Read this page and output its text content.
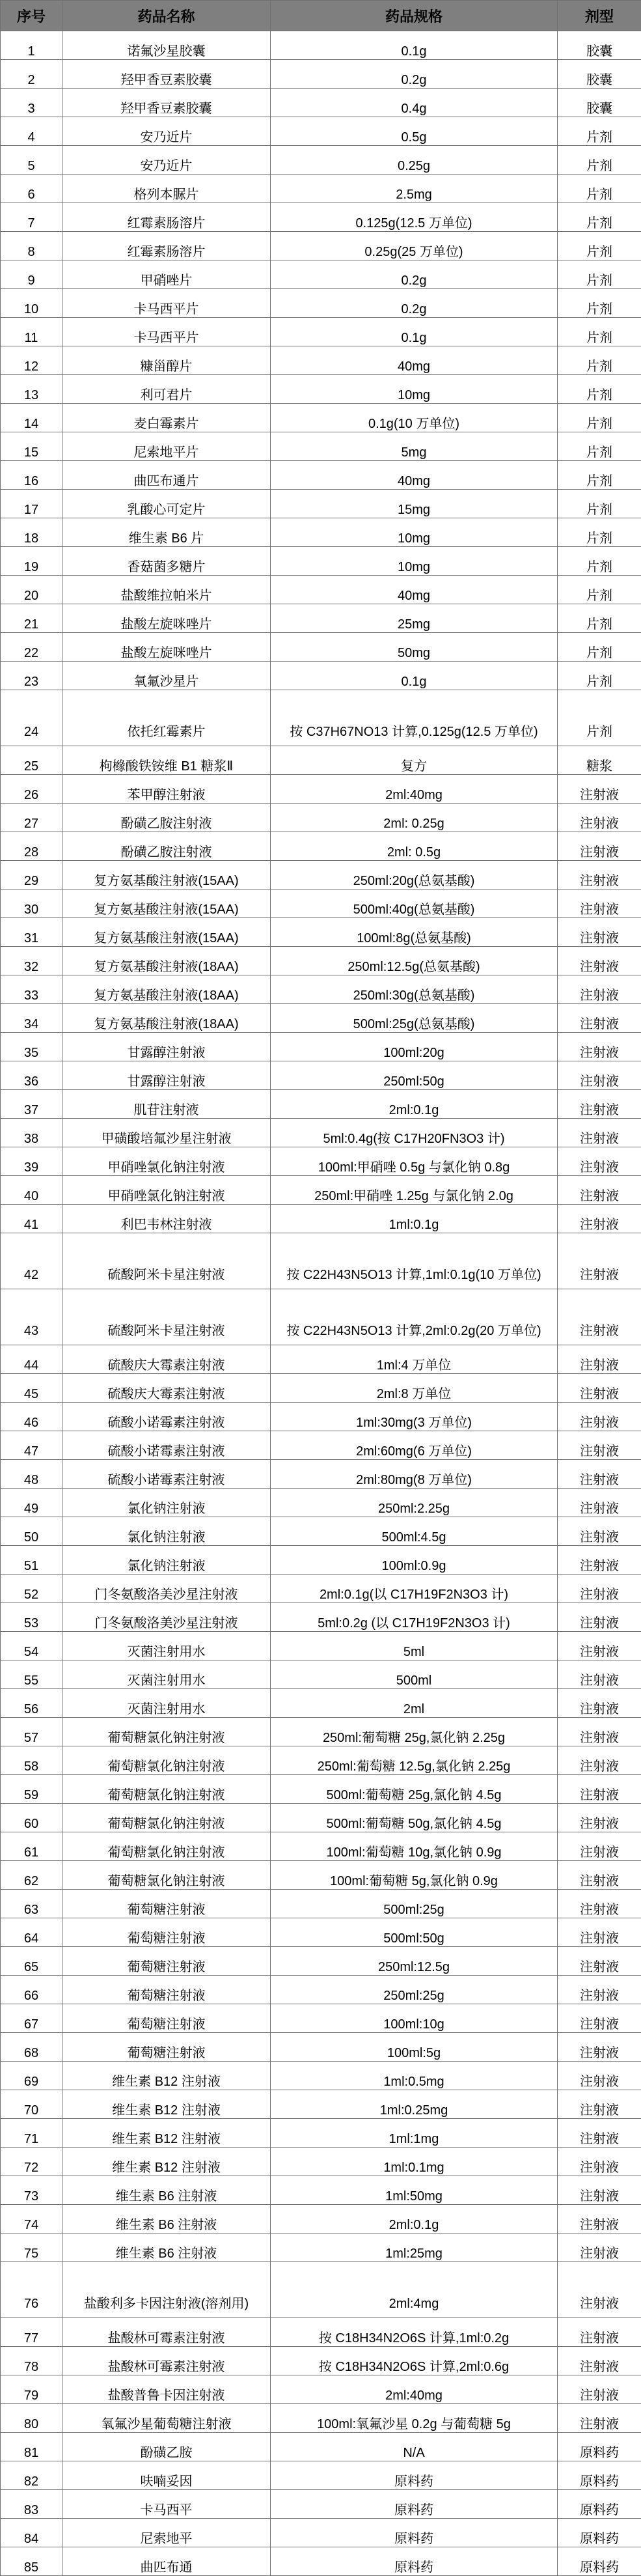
序号	药品名称	药品规格	剂型
1	诺氟沙星胶囊	0.1g	胶囊
2	羟甲香豆素胶囊	0.2g	胶囊
3	羟甲香豆素胶囊	0.4g	胶囊
4	安乃近片	0.5g	片剂
5	安乃近片	0.25g	片剂
6	格列本脲片	2.5mg	片剂
7	红霉素肠溶片	0.125g(12.5 万单位)	片剂
8	红霉素肠溶片	0.25g(25 万单位)	片剂
9	甲硝唑片	0.2g	片剂
10	卡马西平片	0.2g	片剂
11	卡马西平片	0.1g	片剂
12	糠甾醇片	40mg	片剂
13	利可君片	10mg	片剂
14	麦白霉素片	0.1g(10 万单位)	片剂
15	尼索地平片	5mg	片剂
16	曲匹布通片	40mg	片剂
17	乳酸心可定片	15mg	片剂
18	维生素 B6 片	10mg	片剂
19	香菇菌多糖片	10mg	片剂
20	盐酸维拉帕米片	40mg	片剂
21	盐酸左旋咪唑片	25mg	片剂
22	盐酸左旋咪唑片	50mg	片剂
23	氧氟沙星片	0.1g	片剂
24	依托红霉素片	按 C37H67NO13 计算,0.125g(12.5 万单位)	片剂
25	枸橼酸铁铵维 B1 糖浆Ⅱ	复方	糖浆
26	苯甲醇注射液	2ml:40mg	注射液
27	酚磺乙胺注射液	2ml: 0.25g	注射液
28	酚磺乙胺注射液	2ml: 0.5g	注射液
29	复方氨基酸注射液(15AA)	250ml:20g(总氨基酸)	注射液
30	复方氨基酸注射液(15AA)	500ml:40g(总氨基酸)	注射液
31	复方氨基酸注射液(15AA)	100ml:8g(总氨基酸)	注射液
32	复方氨基酸注射液(18AA)	250ml:12.5g(总氨基酸)	注射液
33	复方氨基酸注射液(18AA)	250ml:30g(总氨基酸)	注射液
34	复方氨基酸注射液(18AA)	500ml:25g(总氨基酸)	注射液
35	甘露醇注射液	100ml:20g	注射液
36	甘露醇注射液	250ml:50g	注射液
37	肌苷注射液	2ml:0.1g	注射液
38	甲磺酸培氟沙星注射液	5ml:0.4g(按 C17H20FN3O3 计)	注射液
39	甲硝唑氯化钠注射液	100ml:甲硝唑 0.5g 与氯化钠 0.8g	注射液
40	甲硝唑氯化钠注射液	250ml:甲硝唑 1.25g 与氯化钠 2.0g	注射液
41	利巴韦林注射液	1ml:0.1g	注射液
42	硫酸阿米卡星注射液	按 C22H43N5O13 计算,1ml:0.1g(10 万单位)	注射液
43	硫酸阿米卡星注射液	按 C22H43N5O13 计算,2ml:0.2g(20 万单位)	注射液
44	硫酸庆大霉素注射液	1ml:4 万单位	注射液
45	硫酸庆大霉素注射液	2ml:8 万单位	注射液
46	硫酸小诺霉素注射液	1ml:30mg(3 万单位)	注射液
47	硫酸小诺霉素注射液	2ml:60mg(6 万单位)	注射液
48	硫酸小诺霉素注射液	2ml:80mg(8 万单位)	注射液
49	氯化钠注射液	250ml:2.25g	注射液
50	氯化钠注射液	500ml:4.5g	注射液
51	氯化钠注射液	100ml:0.9g	注射液
52	门冬氨酸洛美沙星注射液	2ml:0.1g(以 C17H19F2N3O3 计)	注射液
53	门冬氨酸洛美沙星注射液	5ml:0.2g (以 C17H19F2N3O3 计)	注射液
54	灭菌注射用水	5ml	注射液
55	灭菌注射用水	500ml	注射液
56	灭菌注射用水	2ml	注射液
57	葡萄糖氯化钠注射液	250ml:葡萄糖 25g,氯化钠 2.25g	注射液
58	葡萄糖氯化钠注射液	250ml:葡萄糖 12.5g,氯化钠 2.25g	注射液
59	葡萄糖氯化钠注射液	500ml:葡萄糖 25g,氯化钠 4.5g	注射液
60	葡萄糖氯化钠注射液	500ml:葡萄糖 50g,氯化钠 4.5g	注射液
61	葡萄糖氯化钠注射液	100ml:葡萄糖 10g,氯化钠 0.9g	注射液
62	葡萄糖氯化钠注射液	100ml:葡萄糖 5g,氯化钠 0.9g	注射液
63	葡萄糖注射液	500ml:25g	注射液
64	葡萄糖注射液	500ml:50g	注射液
65	葡萄糖注射液	250ml:12.5g	注射液
66	葡萄糖注射液	250ml:25g	注射液
67	葡萄糖注射液	100ml:10g	注射液
68	葡萄糖注射液	100ml:5g	注射液
69	维生素 B12 注射液	1ml:0.5mg	注射液
70	维生素 B12 注射液	1ml:0.25mg	注射液
71	维生素 B12 注射液	1ml:1mg	注射液
72	维生素 B12 注射液	1ml:0.1mg	注射液
73	维生素 B6 注射液	1ml:50mg	注射液
74	维生素 B6 注射液	2ml:0.1g	注射液
75	维生素 B6 注射液	1ml:25mg	注射液
76	盐酸利多卡因注射液(溶剂用)	2ml:4mg	注射液
77	盐酸林可霉素注射液	按 C18H34N2O6S 计算,1ml:0.2g	注射液
78	盐酸林可霉素注射液	按 C18H34N2O6S 计算,2ml:0.6g	注射液
79	盐酸普鲁卡因注射液	2ml:40mg	注射液
80	氧氟沙星葡萄糖注射液	100ml:氧氟沙星 0.2g 与葡萄糖 5g	注射液
81	酚磺乙胺	N/A	原料药
82	呋喃妥因	原料药	原料药
83	卡马西平	原料药	原料药
84	尼索地平	原料药	原料药
85	曲匹布通	原料药	原料药
